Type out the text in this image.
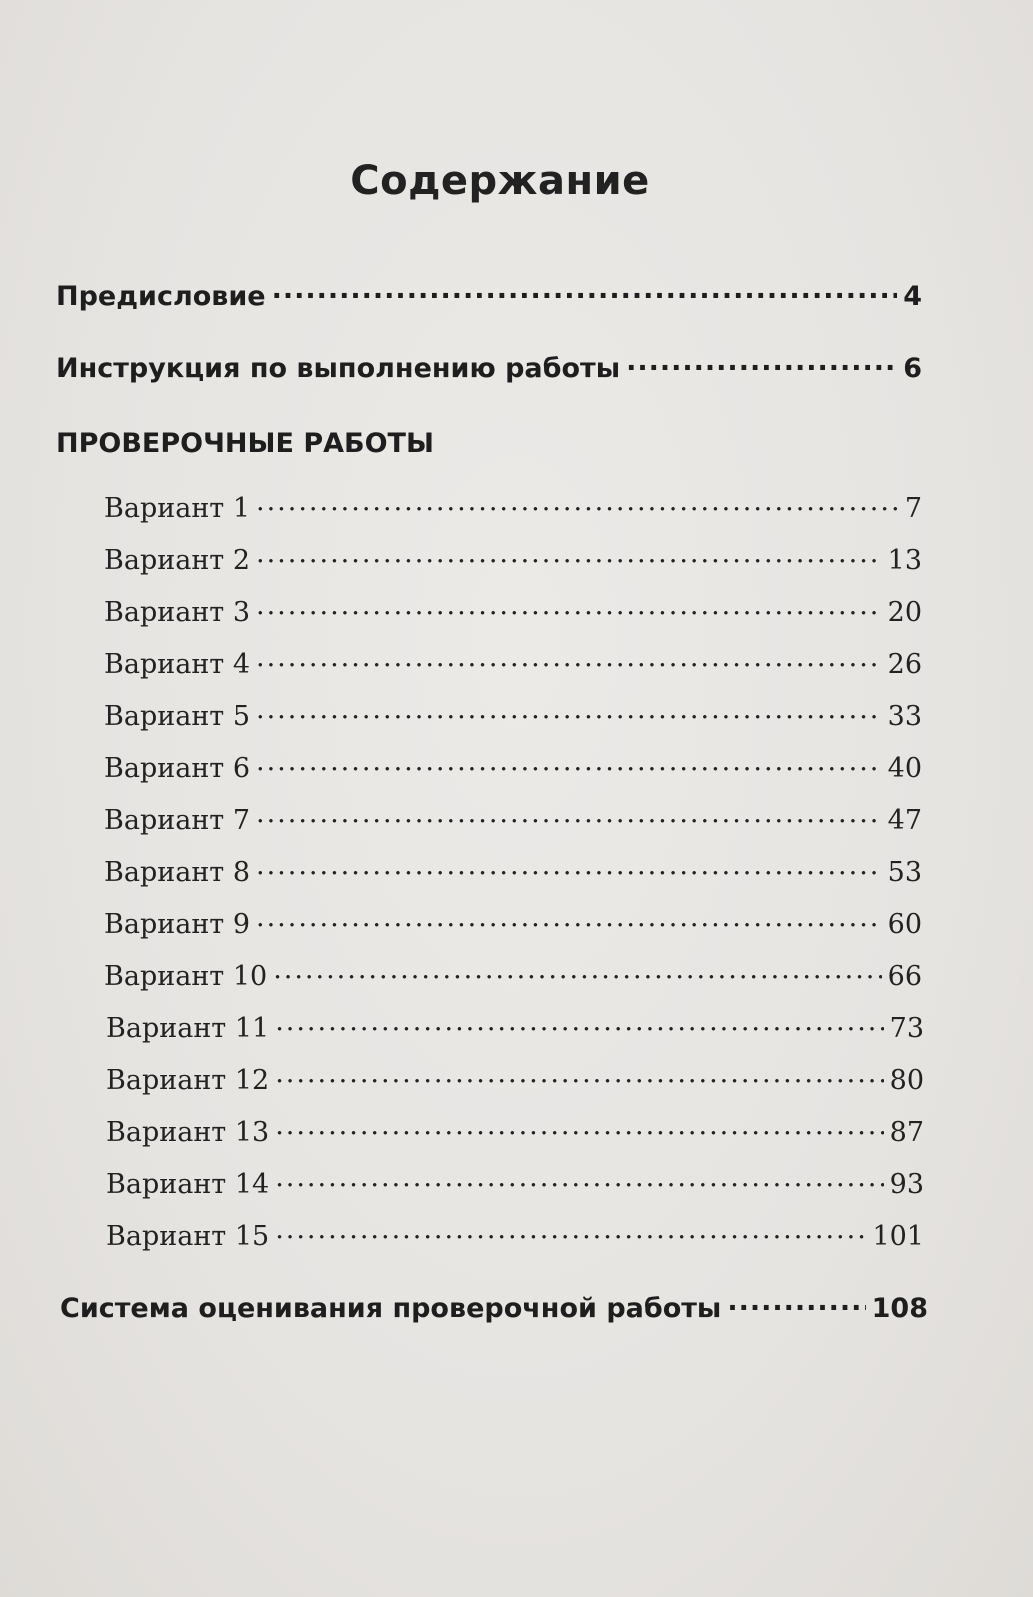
Содержание
Предисловие .....	4
Инструкция по выполнению работы .....	6
ПРОВЕРОЧНЫЕ РАБОТЫ
Вариант 1 .....	7
Вариант 2 .....	13
Вариант 3 .....	20
Вариант 4 .....	26
Вариант 5 .....	33
Вариант 6 .....	40
Вариант 7 .....	47
Вариант 8 .....	53
Вариант 9 .....	60
Вариант 10 .....	66
Вариант 11 .....	73
Вариант 12 .....	80
Вариант 13 .....	87
Вариант 14 .....	93
Вариант 15 .....	101
Система оценивания проверочной работы .....	108
